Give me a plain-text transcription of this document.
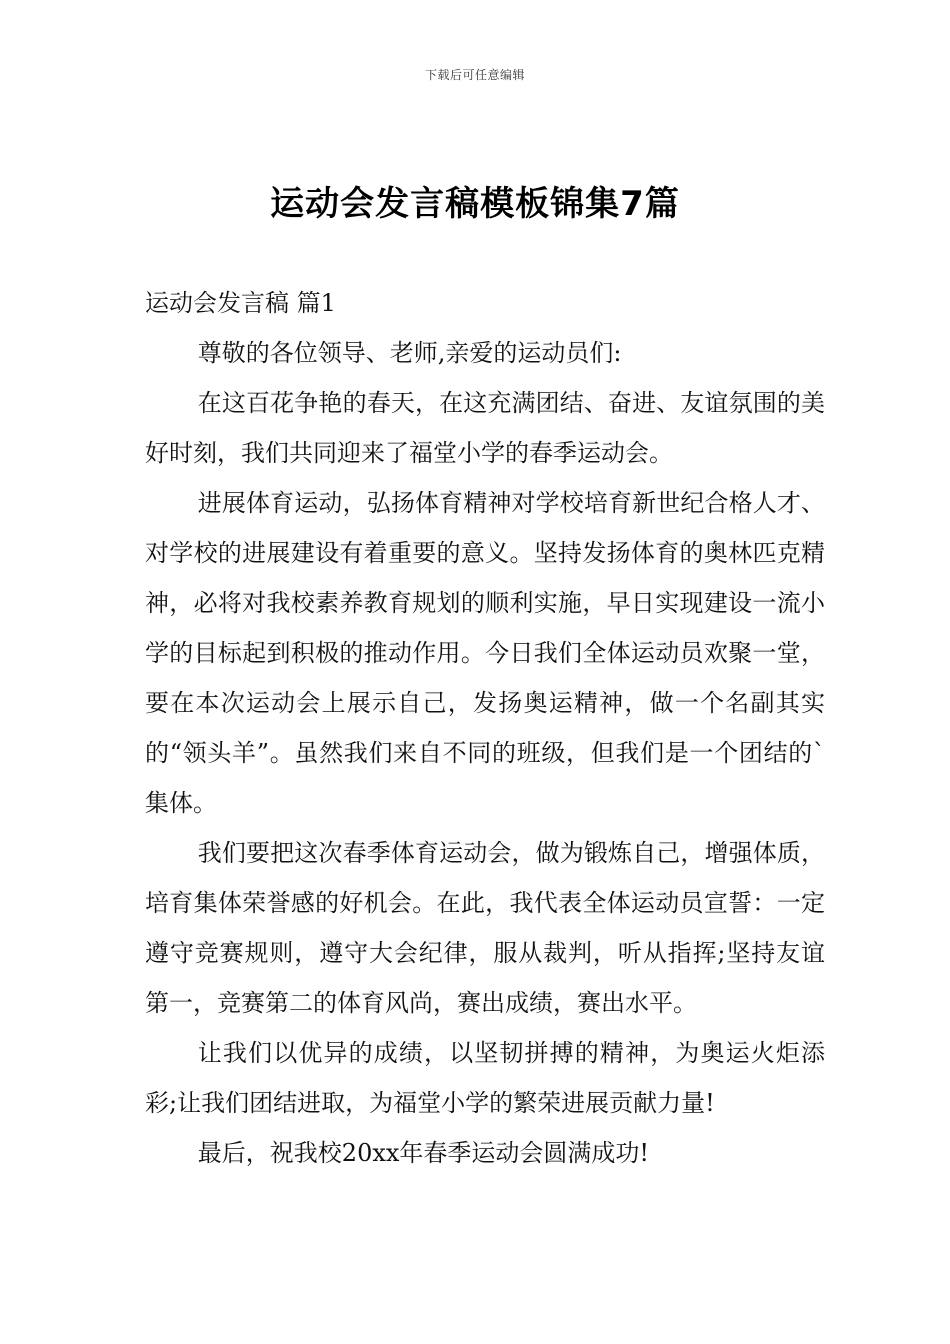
下载后可任意编辑
运动会发言稿模板锦集7篇

运动会发言稿 篇1

尊敬的各位领导、老师,亲爱的运动员们:

在这百花争艳的春天，在这充满团结、奋进、友谊氛围的美好时刻，我们共同迎来了福堂小学的春季运动会。

进展体育运动，弘扬体育精神对学校培育新世纪合格人才、对学校的进展建设有着重要的意义。坚持发扬体育的奥林匹克精神，必将对我校素养教育规划的顺利实施，早日实现建设一流小学的目标起到积极的推动作用。今日我们全体运动员欢聚一堂，要在本次运动会上展示自己，发扬奥运精神，做一个名副其实的“领头羊”。虽然我们来自不同的班级，但我们是一个团结的`集体。

我们要把这次春季体育运动会，做为锻炼自己，增强体质，培育集体荣誉感的好机会。在此，我代表全体运动员宣誓：一定遵守竞赛规则，遵守大会纪律，服从裁判，听从指挥;坚持友谊第一，竞赛第二的体育风尚，赛出成绩，赛出水平。

让我们以优异的成绩，以坚韧拼搏的精神，为奥运火炬添彩;让我们团结进取，为福堂小学的繁荣进展贡献力量!

最后，祝我校20xx年春季运动会圆满成功!
